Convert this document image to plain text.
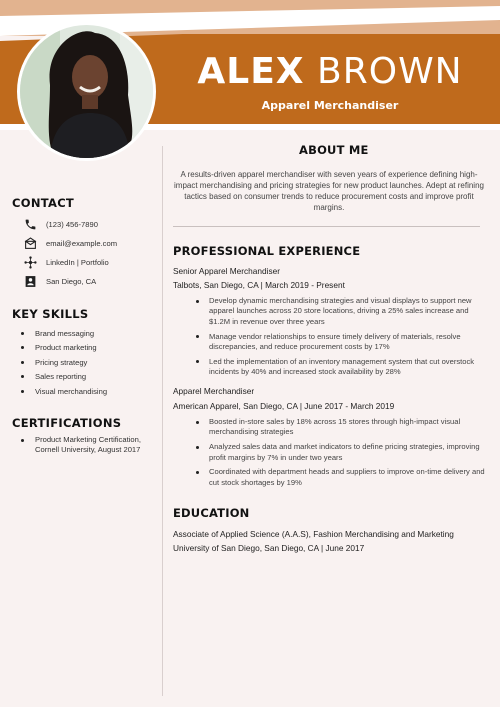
ALEX BROWN
Apparel Merchandiser
CONTACT
(123) 456-7890
email@example.com
LinkedIn | Portfolio
San Diego, CA
KEY SKILLS
Brand messaging
Product marketing
Pricing strategy
Sales reporting
Visual merchandising
CERTIFICATIONS
Product Marketing Certification, Cornell University, August 2017
ABOUT ME
A results-driven apparel merchandiser with seven years of experience defining high-impact merchandising and pricing strategies for new product launches. Adept at refining tactics based on consumer trends to reduce procurement costs and improve profit margins.
PROFESSIONAL EXPERIENCE
Senior Apparel Merchandiser
Talbots, San Diego, CA | March 2019 - Present
Develop dynamic merchandising strategies and visual displays to support new apparel launches across 20 store locations, driving a 25% sales increase and $1.2M in revenue over three years
Manage vendor relationships to ensure timely delivery of materials, resolve discrepancies, and reduce procurement costs by 17%
Led the implementation of an inventory management system that cut overstock incidents by 40% and increased stock availability by 28%
Apparel Merchandiser
American Apparel, San Diego, CA | June 2017 - March 2019
Boosted in-store sales by 18% across 15 stores through high-impact visual merchandising strategies
Analyzed sales data and market indicators to define pricing strategies, improving profit margins by 7% in under two years
Coordinated with department heads and suppliers to improve on-time delivery and cut stock shortages by 19%
EDUCATION
Associate of Applied Science (A.A.S), Fashion Merchandising and Marketing
University of San Diego, San Diego, CA | June 2017
